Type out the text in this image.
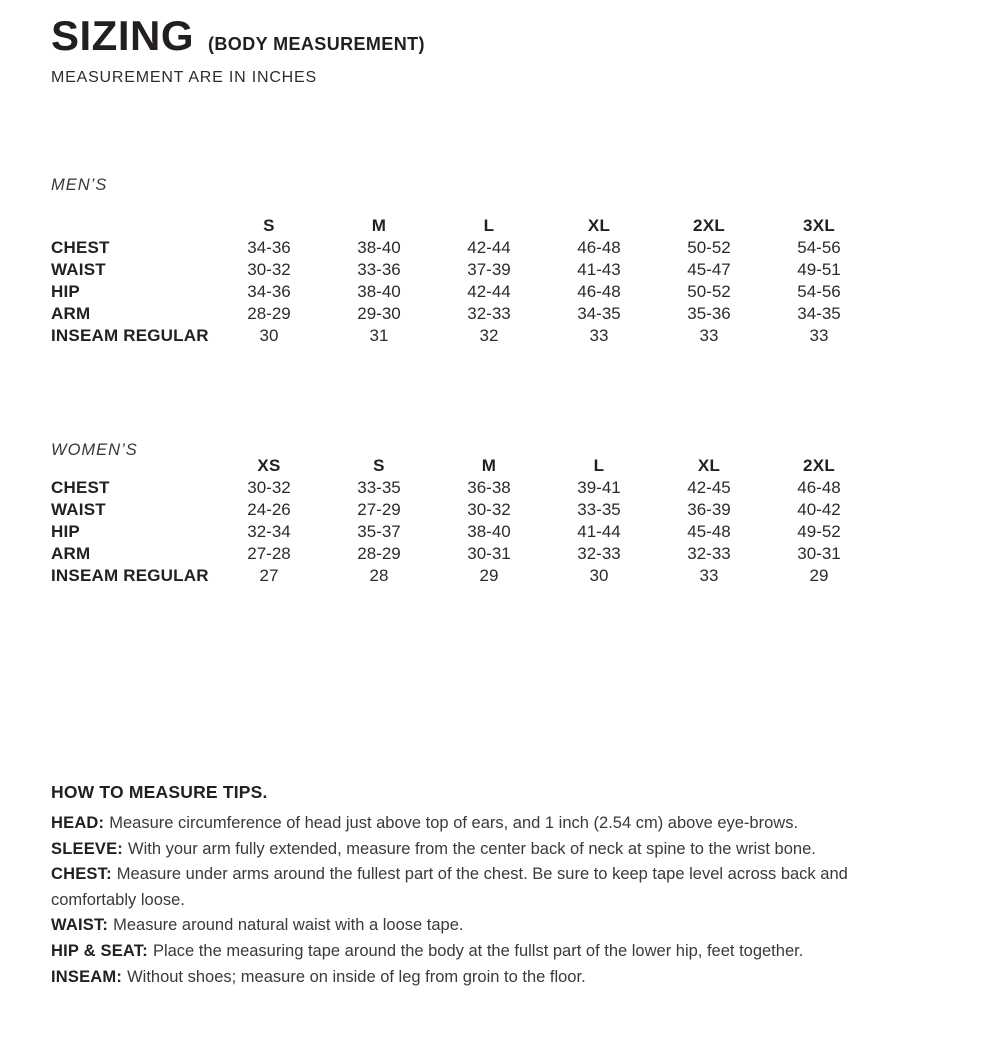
SIZING (BODY MEASUREMENT)
MEASUREMENT ARE IN INCHES
MEN’S
S	M	L	XL	2XL	3XL
CHEST	34-36	38-40	42-44	46-48	50-52	54-56
WAIST	30-32	33-36	37-39	41-43	45-47	49-51
HIP	34-36	38-40	42-44	46-48	50-52	54-56
ARM	28-29	29-30	32-33	34-35	35-36	34-35
INSEAM REGULAR	30	31	32	33	33	33
WOMEN’S
XS	S	M	L	XL	2XL
CHEST	30-32	33-35	36-38	39-41	42-45	46-48
WAIST	24-26	27-29	30-32	33-35	36-39	40-42
HIP	32-34	35-37	38-40	41-44	45-48	49-52
ARM	27-28	28-29	30-31	32-33	32-33	30-31
INSEAM REGULAR	27	28	29	30	33	29
HOW TO MEASURE TIPS.

HEAD: Measure circumference of head just above top of ears, and 1 inch (2.54 cm) above eye-brows.

SLEEVE: With your arm fully extended, measure from the center back of neck at spine to the wrist bone.

CHEST: Measure under arms around the fullest part of the chest. Be sure to keep tape level across back and comfortably loose.

WAIST: Measure around natural waist with a loose tape.

HIP & SEAT: Place the measuring tape around the body at the fullst part of the lower hip, feet together.

INSEAM: Without shoes; measure on inside of leg from groin to the floor.
